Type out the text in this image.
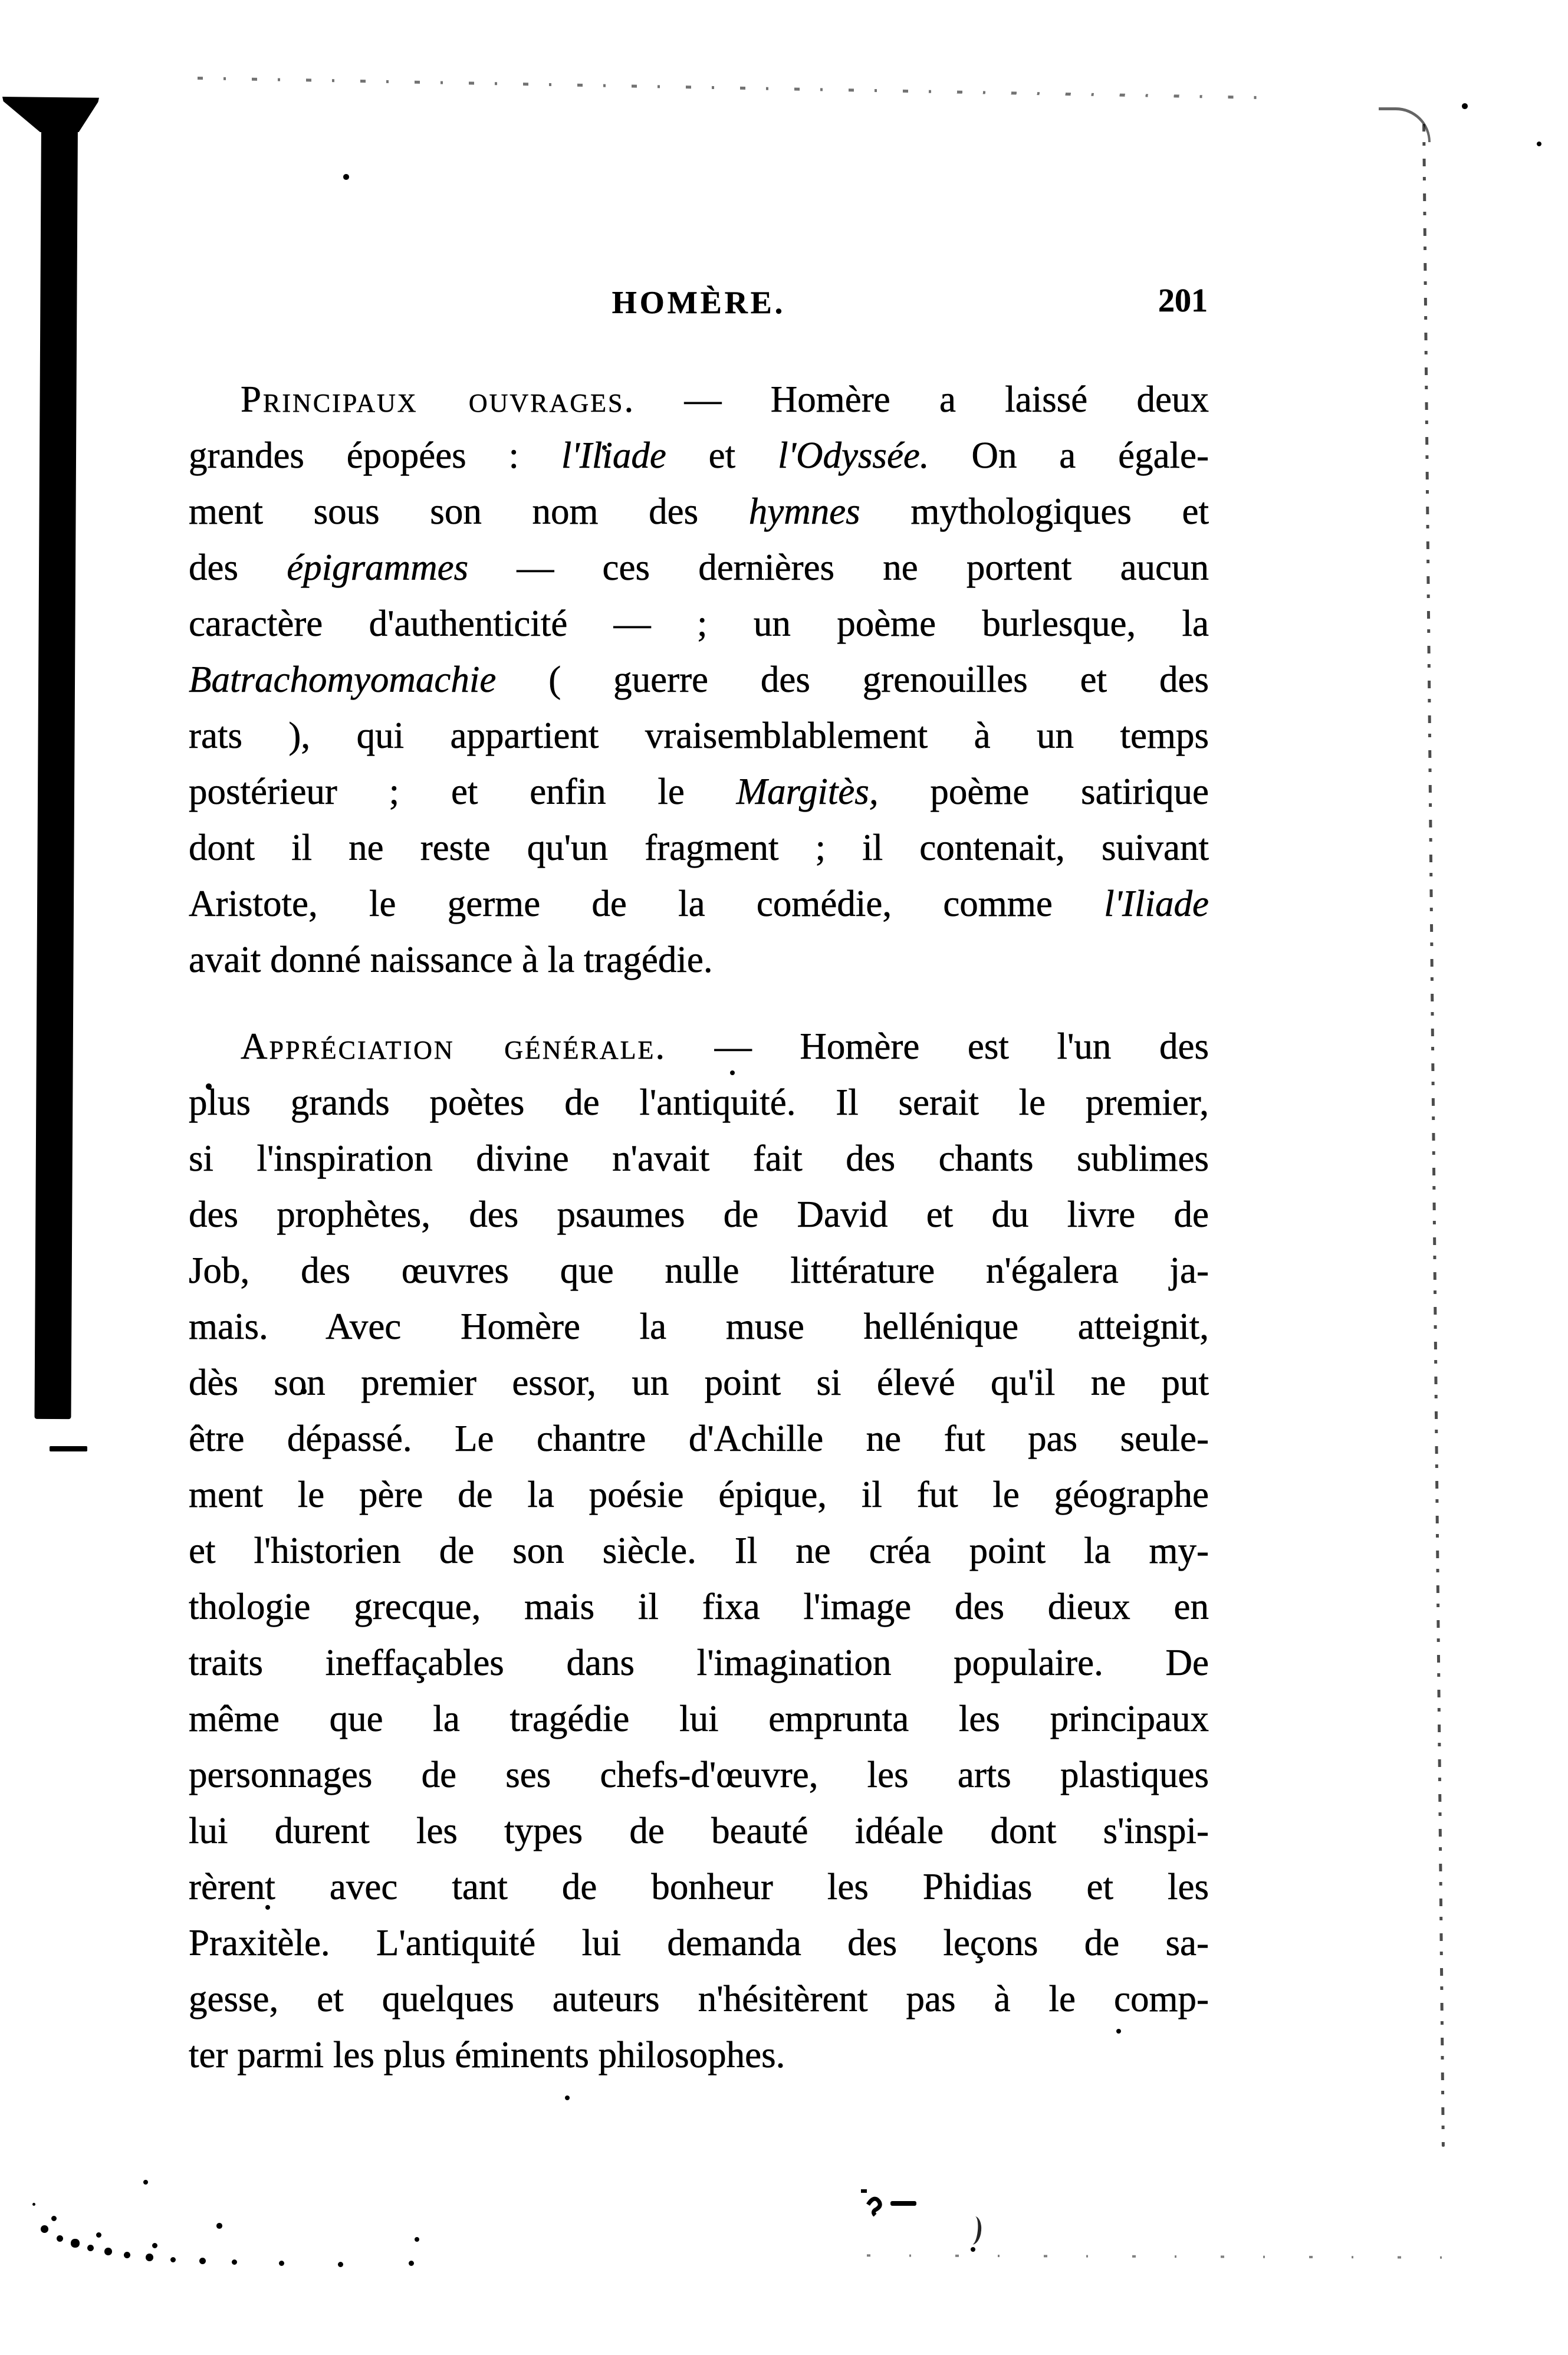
HOMÈRE.	201
Principaux ouvrages. — Homère a laissé deux
grandes épopées : l'Iliade et l'Odyssée. On a égale-
ment sous son nom des hymnes mythologiques et
des épigrammes — ces dernières ne portent aucun
caractère d'authenticité — ; un poème burlesque, la
Batrachomyomachie ( guerre des grenouilles et des
rats ), qui appartient vraisemblablement à un temps
postérieur ; et enfin le Margitès, poème satirique
dont il ne reste qu'un fragment ; il contenait, suivant
Aristote, le germe de la comédie, comme l'Iliade
avait donné naissance à la tragédie.
Appréciation générale. — Homère est l'un des
plus grands poètes de l'antiquité. Il serait le premier,
si l'inspiration divine n'avait fait des chants sublimes
des prophètes, des psaumes de David et du livre de
Job, des œuvres que nulle littérature n'égalera ja-
mais. Avec Homère la muse hellénique atteignit,
dès son premier essor, un point si élevé qu'il ne put
être dépassé. Le chantre d'Achille ne fut pas seule-
ment le père de la poésie épique, il fut le géographe
et l'historien de son siècle. Il ne créa point la my-
thologie grecque, mais il fixa l'image des dieux en
traits ineffaçables dans l'imagination populaire. De
même que la tragédie lui emprunta les principaux
personnages de ses chefs-d'œuvre, les arts plastiques
lui durent les types de beauté idéale dont s'inspi-
rèrent avec tant de bonheur les Phidias et les
Praxitèle. L'antiquité lui demanda des leçons de sa-
gesse, et quelques auteurs n'hésitèrent pas à le comp-
ter parmi les plus éminents philosophes.
